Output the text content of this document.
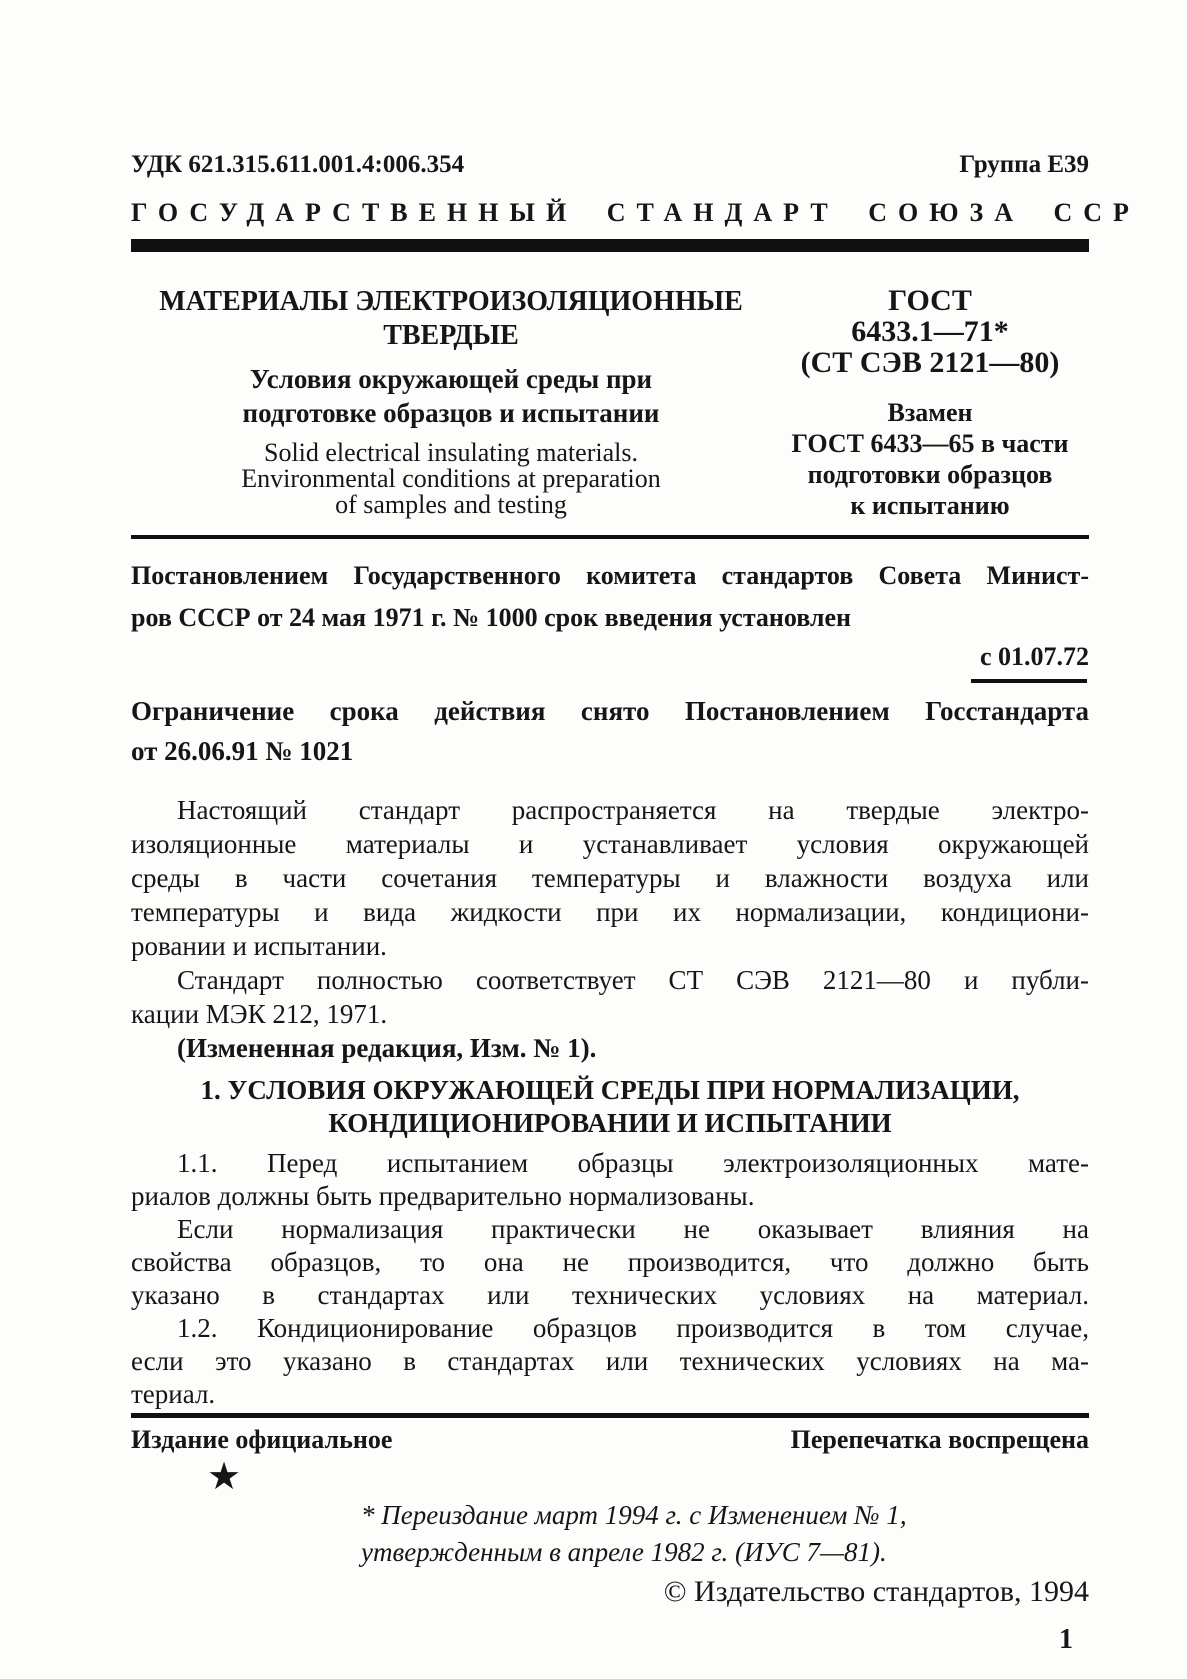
УДК 621.315.611.001.4:006.354	Группа Е39
ГОСУДАРСТВЕННЫЙ СТАНДАРТ СОЮЗА ССР
МАТЕРИАЛЫ ЭЛЕКТРОИЗОЛЯЦИОННЫЕ
ТВЕРДЫЕ
Условия окружающей среды при
подготовке образцов и испытании
Solid electrical insulating materials.
Environmental conditions at preparation
of samples and testing
ГОСТ
6433.1—71*
(СТ СЭВ 2121—80)
Взамен
ГОСТ 6433—65 в части
подготовки образцов
к испытанию
Постановлением Государственного комитета стандартов Совета Минист-
ров СССР от 24 мая 1971 г. № 1000 срок введения установлен
с 01.07.72
Ограничение срока действия снято Постановлением Госстандарта
от 26.06.91 № 1021
Настоящий стандарт распространяется на твердые электро-
изоляционные материалы и устанавливает условия окружающей
среды в части сочетания температуры и влажности воздуха или
температуры и вида жидкости при их нормализации, кондициони-
ровании и испытании.
Стандарт полностью соответствует СТ СЭВ 2121—80 и публи-
кации МЭК 212, 1971.
(Измененная редакция, Изм. № 1).
1. УСЛОВИЯ ОКРУЖАЮЩЕЙ СРЕДЫ ПРИ НОРМАЛИЗАЦИИ,
КОНДИЦИОНИРОВАНИИ И ИСПЫТАНИИ
1.1. Перед испытанием образцы электроизоляционных мате-
риалов должны быть предварительно нормализованы.
Если нормализация практически не оказывает влияния на
свойства образцов, то она не производится, что должно быть
указано в стандартах или технических условиях на материал.
1.2. Кондиционирование образцов производится в том случае,
если это указано в стандартах или технических условиях на ма-
териал.
Издание официальное	Перепечатка воспрещена
★
* Переиздание март 1994 г. с Изменением № 1,
утвержденным в апреле 1982 г. (ИУС 7—81).
© Издательство стандартов, 1994
1
